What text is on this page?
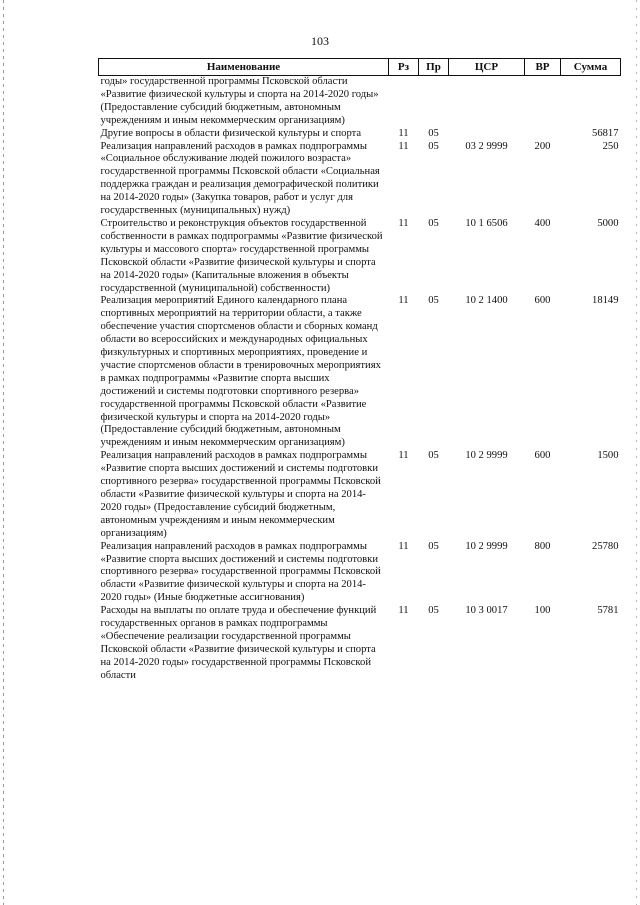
103
Наименование	Рз	Пр	ЦСР	ВР	Сумма
годы» государственной программы Псковской области «Развитие физической культуры и спорта на 2014-2020 годы» (Предоставление субсидий бюджетным, автономным учреждениям и иным некоммерческим организациям)					
Другие вопросы в области физической культуры и спорта	11	05			56817
Реализация направлений расходов в рамках подпрограммы «Социальное обслуживание людей пожилого возраста» государственной программы Псковской области «Социальная поддержка граждан и реализация демографической политики на 2014-2020 годы» (Закупка товаров, работ и услуг для государственных (муниципальных) нужд)	11	05	03 2 9999	200	250
Строительство и реконструкция объектов государственной собственности в рамках подпрограммы «Развитие физической культуры и массового спорта» государственной программы Псковской области «Развитие физической культуры и спорта на 2014-2020 годы» (Капитальные вложения в объекты государственной (муниципальной) собственности)	11	05	10 1 6506	400	5000
Реализация мероприятий Единого календарного плана спортивных мероприятий на территории области, а также обеспечение участия спортсменов области и сборных команд области во всероссийских и международных официальных физкультурных и спортивных мероприятиях, проведение и участие спортсменов области в тренировочных мероприятиях в рамках подпрограммы «Развитие спорта высших достижений и системы подготовки спортивного резерва» государственной программы Псковской области «Развитие физической культуры и спорта на 2014-2020 годы» (Предоставление субсидий бюджетным, автономным учреждениям и иным некоммерческим организациям)	11	05	10 2 1400	600	18149
Реализация направлений расходов в рамках подпрограммы «Развитие спорта высших достижений и системы подготовки спортивного резерва» государственной программы Псковской области «Развитие физической культуры и спорта на 2014-2020 годы» (Предоставление субсидий бюджетным, автономным учреждениям и иным некоммерческим организациям)	11	05	10 2 9999	600	1500
Реализация направлений расходов в рамках подпрограммы «Развитие спорта высших достижений и системы подготовки спортивного резерва» государственной программы Псковской области «Развитие физической культуры и спорта на 2014-2020 годы» (Иные бюджетные ассигнования)	11	05	10 2 9999	800	25780
Расходы на выплаты по оплате труда и обеспечение функций государственных органов в рамках подпрограммы «Обеспечение реализации государственной программы Псковской области «Развитие физической культуры и спорта на 2014-2020 годы» государственной программы Псковской области	11	05	10 3 0017	100	5781
